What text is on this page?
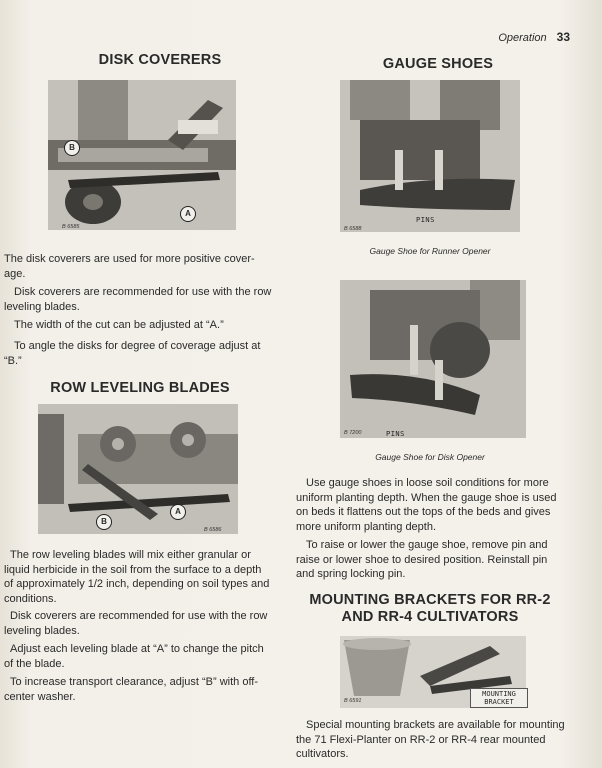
Operation 33
DISK COVERERS
B
A
B 6585

The disk coverers are used for more positive cover-age.

Disk coverers are recommended for use with the row leveling blades.

The width of the cut can be adjusted at “A.”

To angle the disks for degree of coverage adjust at “B.”

ROW LEVELING BLADES
B
A
B 6586

The row leveling blades will mix either granular or liquid herbicide in the soil from the surface to a depth of approximately 1/2 inch, depending on soil types and conditions.

Disk coverers are recommended for use with the row leveling blades.

Adjust each leveling blade at “A” to change the pitch of the blade.

To increase transport clearance, adjust “B” with off-center washer.

GAUGE SHOES
PINS
B 6588
Gauge Shoe for Runner Opener
PINS
B 7200
Gauge Shoe for Disk Opener

Use gauge shoes in loose soil conditions for more uniform planting depth. When the gauge shoe is used on beds it flattens out the tops of the beds and gives more uniform planting depth.

To raise or lower the gauge shoe, remove pin and raise or lower shoe to desired position. Reinstall pin and spring locking pin.

MOUNTING BRACKETS FOR RR-2
AND RR-4 CULTIVATORS
MOUNTING BRACKET
B 6591

Special mounting brackets are available for mounting the 71 Flexi-Planter on RR-2 or RR-4 rear mounted cultivators.
